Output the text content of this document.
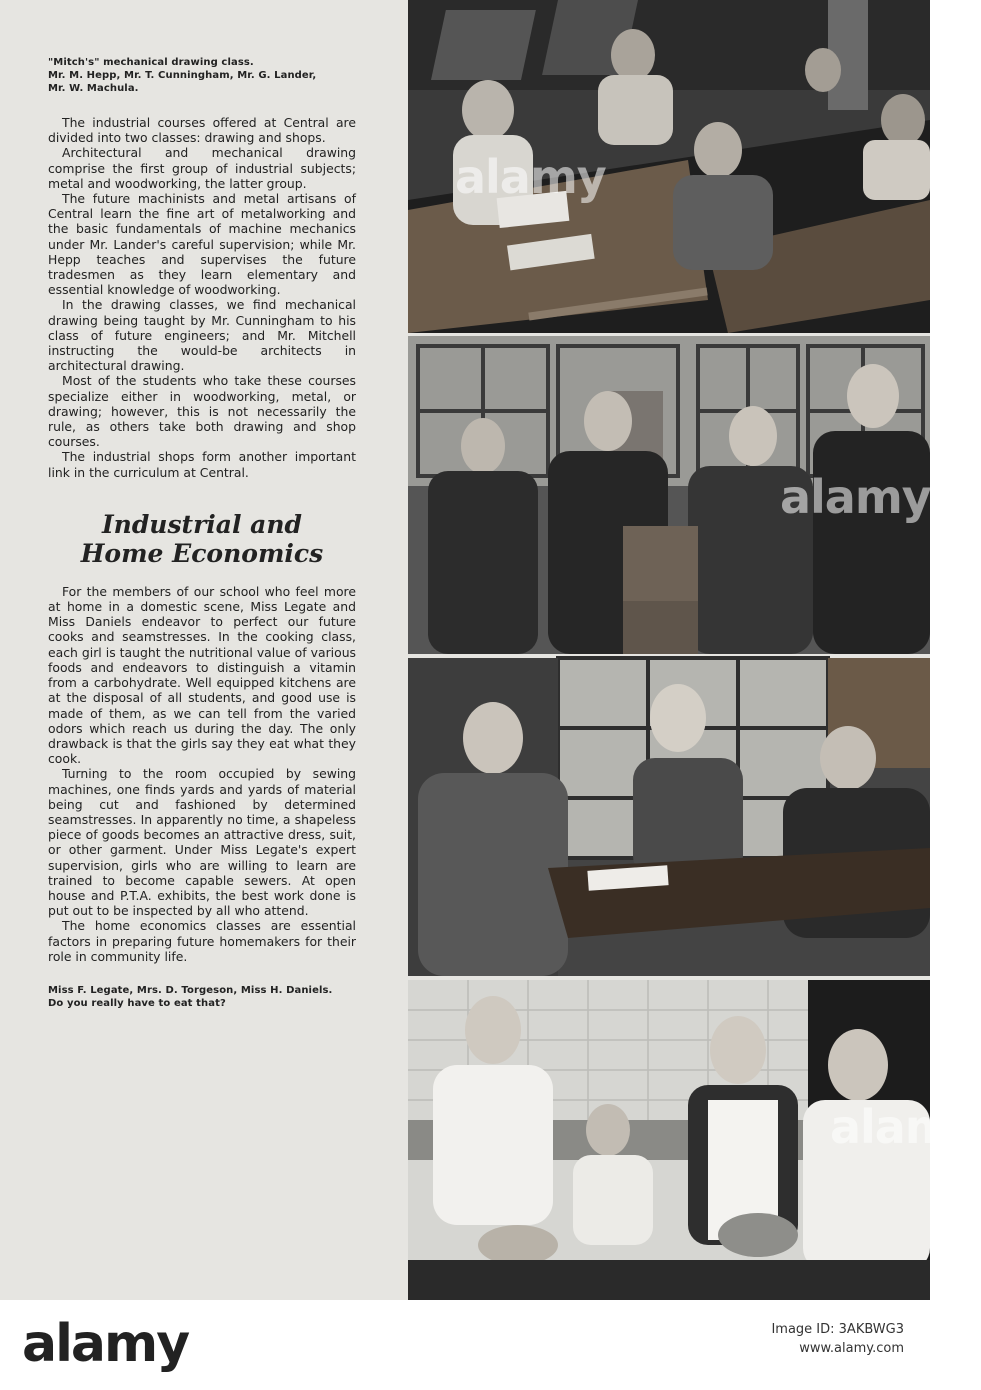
"Mitch's" mechanical drawing class.
Mr. M. Hepp, Mr. T. Cunningham, Mr. G. Lander,
Mr. W. Machula.

The industrial courses offered at Central are divided into two classes: drawing and shops.

Architectural and mechanical drawing comprise the first group of industrial subjects; metal and woodworking, the latter group.

The future machinists and metal artisans of Central learn the fine art of metalworking and the basic fundamentals of machine mechanics under Mr. Lander's careful supervision; while Mr. Hepp teaches and supervises the future tradesmen as they learn elementary and essential knowledge of woodworking.

In the drawing classes, we find mechanical drawing being taught by Mr. Cunningham to his class of future engineers; and Mr. Mitchell instructing the would-be architects in architectural drawing.

Most of the students who take these courses specialize either in woodworking, metal, or drawing; however, this is not necessarily the rule, as others take both drawing and shop courses.

The industrial shops form another important link in the curriculum at Central.

Industrial and
Home Economics

For the members of our school who feel more at home in a domestic scene, Miss Legate and Miss Daniels endeavor to perfect our future cooks and seamstresses. In the cooking class, each girl is taught the nutritional value of various foods and endeavors to distinguish a vitamin from a carbohydrate. Well equipped kitchens are at the disposal of all students, and good use is made of them, as we can tell from the varied odors which reach us during the day. The only drawback is that the girls say they eat what they cook.

Turning to the room occupied by sewing machines, one finds yards and yards of material being cut and fashioned by determined seamstresses. In apparently no time, a shapeless piece of goods becomes an attractive dress, suit, or other garment. Under Miss Legate's expert supervision, girls who are willing to learn are trained to become capable sewers. At open house and P.T.A. exhibits, the best work done is put out to be inspected by all who attend.

The home economics classes are essential factors in preparing future homemakers for their role in community life.

Miss F. Legate, Mrs. D. Torgeson, Miss H. Daniels.
Do you really have to eat that?
alamy
alamy
alamy
alamy	Image ID: 3AKBWG3
www.alamy.com
